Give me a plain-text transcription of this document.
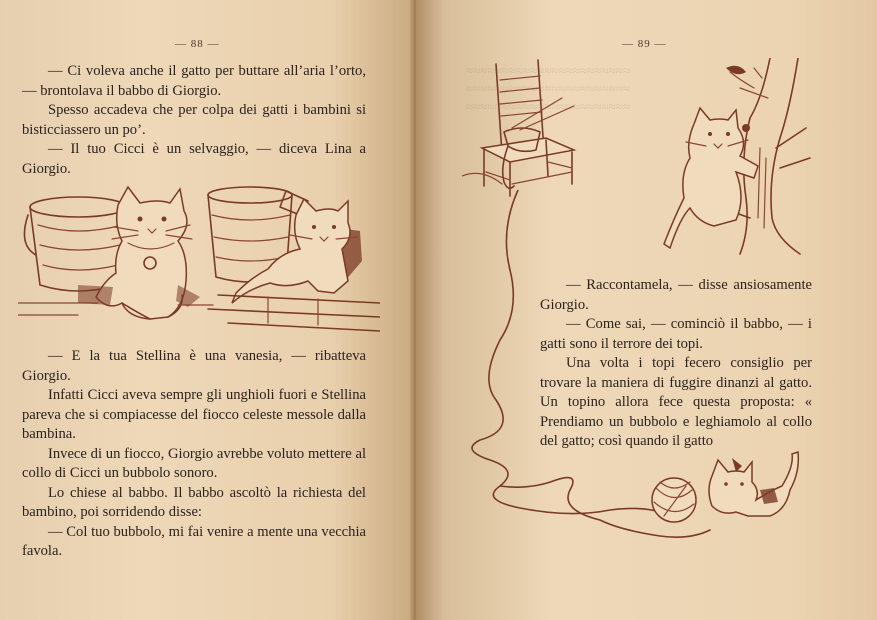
— 88 —

— Ci voleva anche il gatto per buttare all’aria l’orto, — brontolava il babbo di Giorgio.

Spesso accadeva che per colpa dei gatti i bambini si bisticciassero un po’.

— Il tuo Cicci è un selvaggio, — diceva Lina a Giorgio.

— E la tua Stellina è una vanesia, — ribatteva Giorgio.

Infatti Cicci aveva sempre gli unghioli fuori e Stellina pareva che si compiacesse del fiocco celeste messole dalla bambina.

Invece di un fiocco, Giorgio avrebbe voluto mettere al collo di Cicci un bubbolo sonoro.

Lo chiese al babbo. Il babbo ascoltò la richiesta del bambino, poi sorridendo disse:

— Col tuo bubbolo, mi fai venire a mente una vecchia favola.

≈≈≈≈≈≈≈≈≈≈≈≈≈≈≈≈≈≈≈≈≈≈≈
≈≈≈≈≈≈≈≈≈≈≈≈≈≈≈≈≈≈≈≈≈≈≈
≈≈≈≈≈≈≈≈≈≈≈≈≈≈≈≈≈≈≈≈≈≈≈
— 89 —

— Raccontamela, — disse ansiosamente Giorgio.

— Come sai, — cominciò il babbo, — i gatti sono il terrore dei topi.

Una volta i topi fecero consiglio per trovare la maniera di fuggire dinanzi al gatto. Un topino allora fece questa proposta: « Prendiamo un bubbolo e leghiamolo al collo del gatto; così quando il gatto
